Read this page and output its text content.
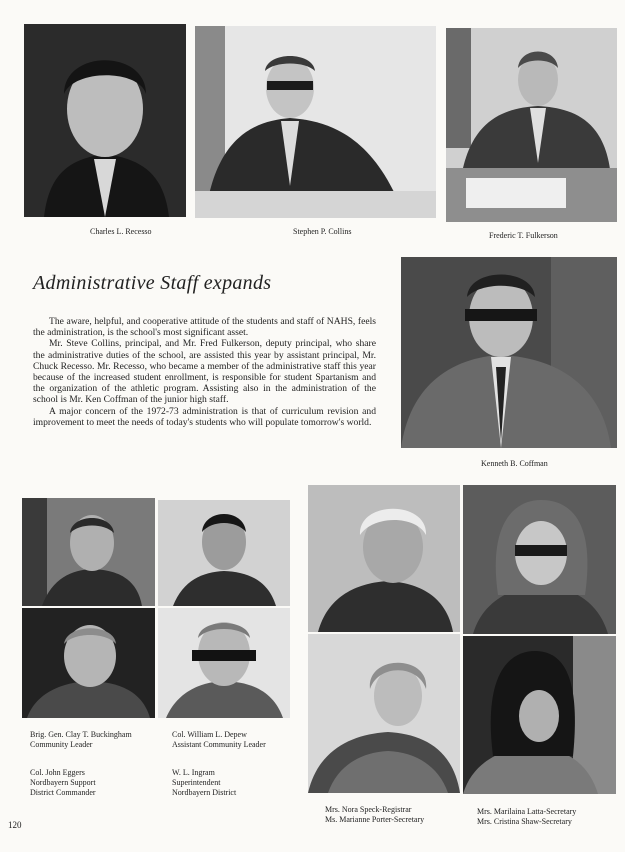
Charles L. Recesso	Stephen P. Collins	Frederic T. Fulkerson
Administrative Staff expands

The aware, helpful, and cooperative attitude of the students and staff of NAHS, feels the administration, is the school's most significant asset.

Mr. Steve Collins, principal, and Mr. Fred Fulkerson, deputy principal, who share the administrative duties of the school, are assisted this year by assistant principal, Mr. Chuck Recesso. Mr. Recesso, who became a member of the administrative staff this year because of the increased student enrollment, is responsible for student Spartanism and the organization of the athletic program. Assisting also in the administration of the school is Mr. Ken Coffman of the junior high staff.

A major concern of the 1972-73 administration is that of curriculum revision and improvement to meet the needs of today's students who will populate tomorrow's world.

Kenneth B. Coffman
Brig. Gen. Clay T. Buckingham
Community Leader
Col. William L. Depew
Assistant Community Leader
Col. John Eggers
Nordbayern Support
District Commander
W. L. Ingram
Superintendent
Nordbayern District
Mrs. Nora Speck-Registrar
Ms. Marianne Porter-Secretary
Mrs. Marilaina Latta-Secretary
Mrs. Cristina Shaw-Secretary
120
